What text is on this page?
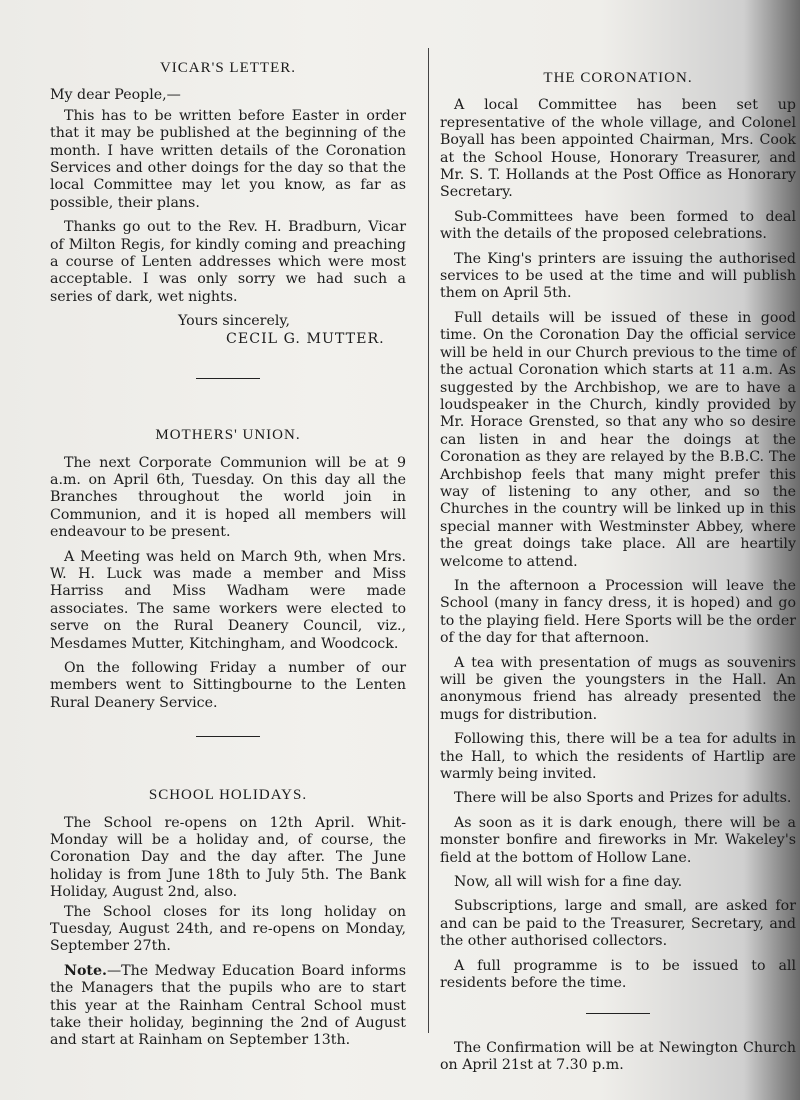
VICAR'S LETTER.

My dear People,—

This has to be written before Easter in order that it may be published at the beginning of the month. I have written details of the Coronation Services and other doings for the day so that the local Committee may let you know, as far as possible, their plans.

Thanks go out to the Rev. H. Bradburn, Vicar of Milton Regis, for kindly coming and preaching a course of Lenten addresses which were most acceptable. I was only sorry we had such a series of dark, wet nights.

Yours sincerely,
CECIL G. MUTTER.
MOTHERS' UNION.

The next Corporate Communion will be at 9 a.m. on April 6th, Tuesday. On this day all the Branches throughout the world join in Communion, and it is hoped all members will endeavour to be present.

A Meeting was held on March 9th, when Mrs. W. H. Luck was made a member and Miss Harriss and Miss Wadham were made associates. The same workers were elected to serve on the Rural Deanery Council, viz., Mesdames Mutter, Kitchingham, and Woodcock.

On the following Friday a number of our members went to Sittingbourne to the Lenten Rural Deanery Service.

SCHOOL HOLIDAYS.

The School re-opens on 12th April. Whit-Monday will be a holiday and, of course, the Coronation Day and the day after. The June holiday is from June 18th to July 5th. The Bank Holiday, August 2nd, also.

The School closes for its long holiday on Tuesday, August 24th, and re-opens on Monday, September 27th.

Note.—The Medway Education Board informs the Managers that the pupils who are to start this year at the Rainham Central School must take their holiday, beginning the 2nd of August and start at Rainham on September 13th.

THE CORONATION.

A local Committee has been set up representative of the whole village, and Colonel Boyall has been appointed Chairman, Mrs. Cook at the School House, Honorary Treasurer, and Mr. S. T. Hollands at the Post Office as Honorary Secretary.

Sub-Committees have been formed to deal with the details of the proposed celebrations.

The King's printers are issuing the authorised services to be used at the time and will publish them on April 5th.

Full details will be issued of these in good time. On the Coronation Day the official service will be held in our Church previous to the time of the actual Coronation which starts at 11 a.m. As suggested by the Archbishop, we are to have a loudspeaker in the Church, kindly provided by Mr. Horace Grensted, so that any who so desire can listen in and hear the doings at the Coronation as they are relayed by the B.B.C. The Archbishop feels that many might prefer this way of listening to any other, and so the Churches in the country will be linked up in this special manner with Westminster Abbey, where the great doings take place. All are heartily welcome to attend.

In the afternoon a Procession will leave the School (many in fancy dress, it is hoped) and go to the playing field. Here Sports will be the order of the day for that afternoon.

A tea with presentation of mugs as souvenirs will be given the youngsters in the Hall. An anonymous friend has already presented the mugs for distribution.

Following this, there will be a tea for adults in the Hall, to which the residents of Hartlip are warmly being invited.

There will be also Sports and Prizes for adults.

As soon as it is dark enough, there will be a monster bonfire and fireworks in Mr. Wakeley's field at the bottom of Hollow Lane.

Now, all will wish for a fine day.

Subscriptions, large and small, are asked for and can be paid to the Treasurer, Secretary, and the other authorised collectors.

A full programme is to be issued to all residents before the time.

The Confirmation will be at Newington Church on April 21st at 7.30 p.m.
